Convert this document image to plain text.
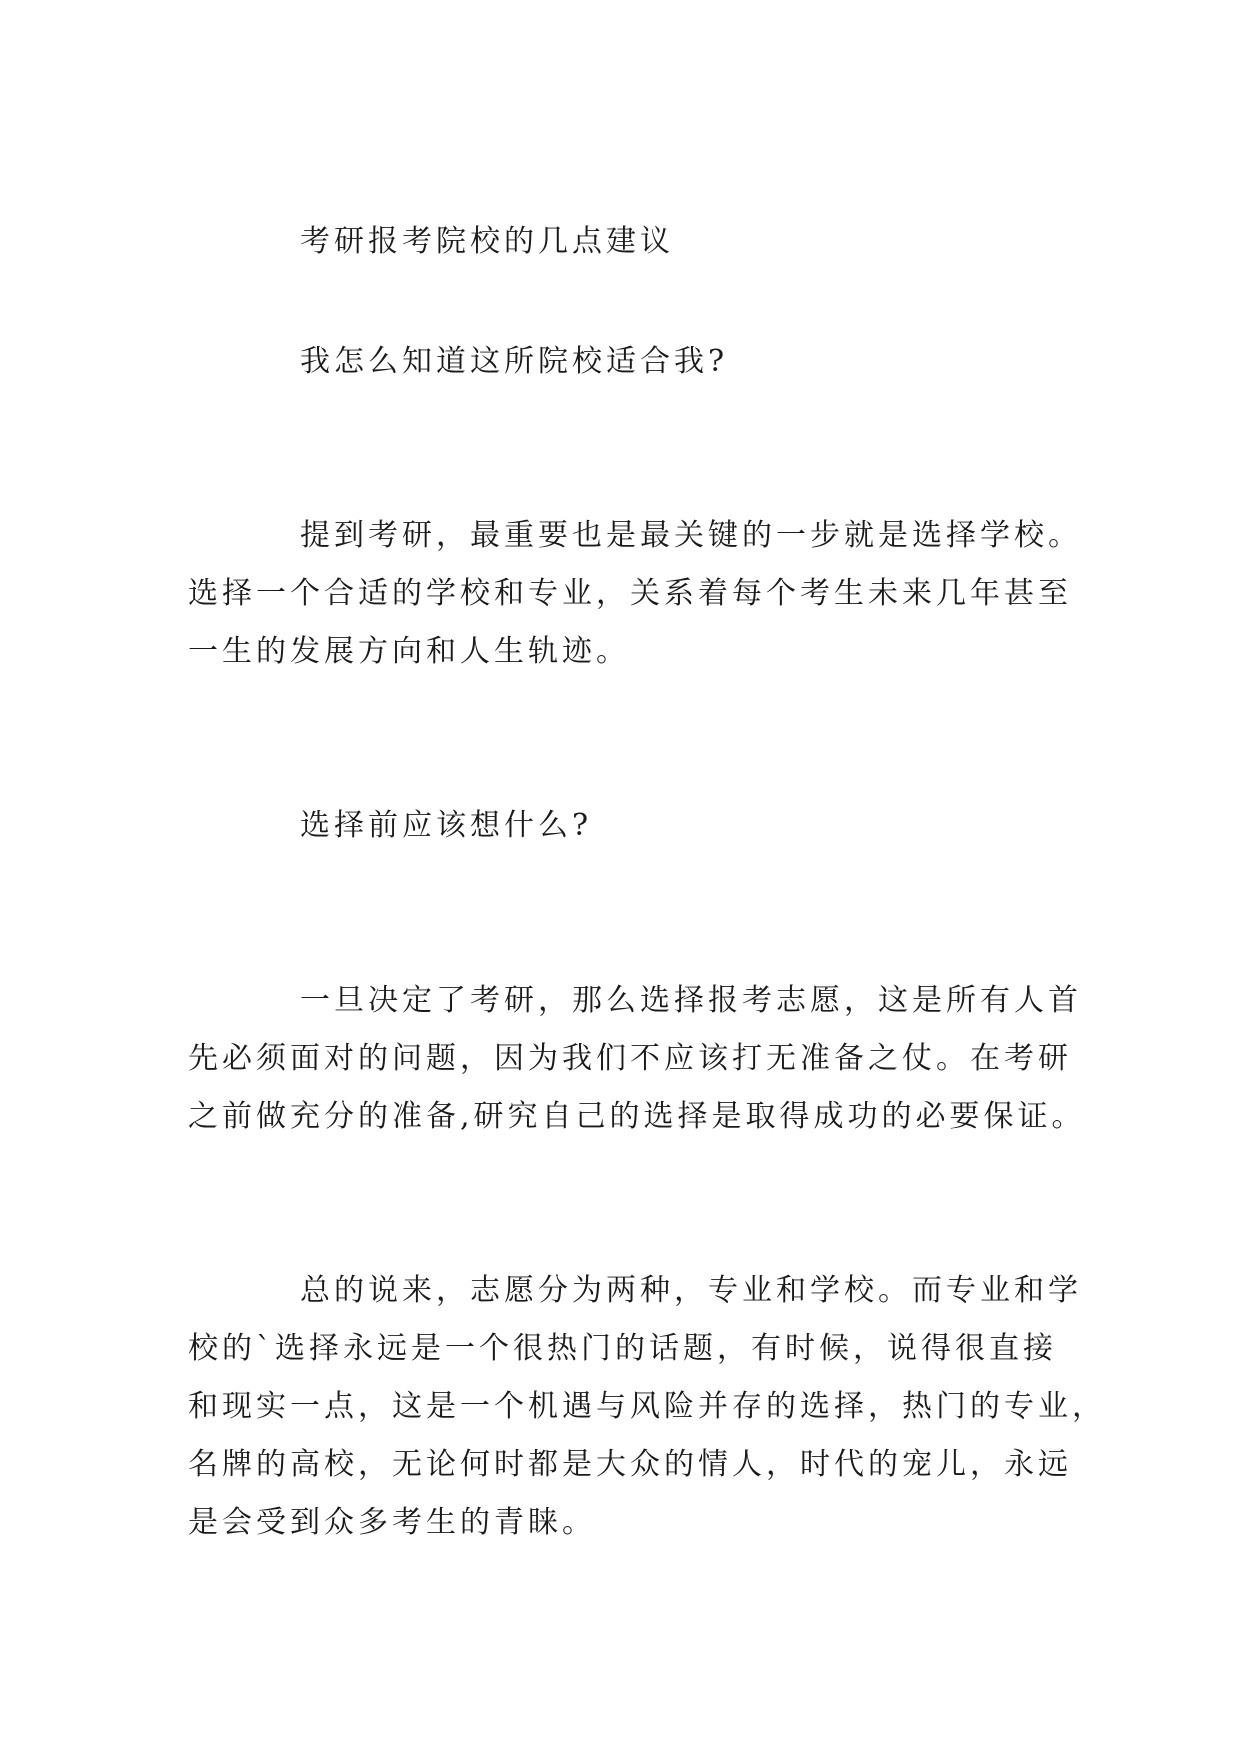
考研报考院校的几点建议
我怎么知道这所院校适合我?
提到考研，最重要也是最关键的一步就是选择学校。
选择一个合适的学校和专业，关系着每个考生未来几年甚至
一生的发展方向和人生轨迹。
选择前应该想什么?
一旦决定了考研，那么选择报考志愿，这是所有人首
先必须面对的问题，因为我们不应该打无准备之仗。在考研
之前做充分的准备,研究自己的选择是取得成功的必要保证。
总的说来，志愿分为两种，专业和学校。而专业和学
校的`选择永远是一个很热门的话题，有时候，说得很直接
和现实一点，这是一个机遇与风险并存的选择，热门的专业，
名牌的高校，无论何时都是大众的情人，时代的宠儿，永远
是会受到众多考生的青睐。
